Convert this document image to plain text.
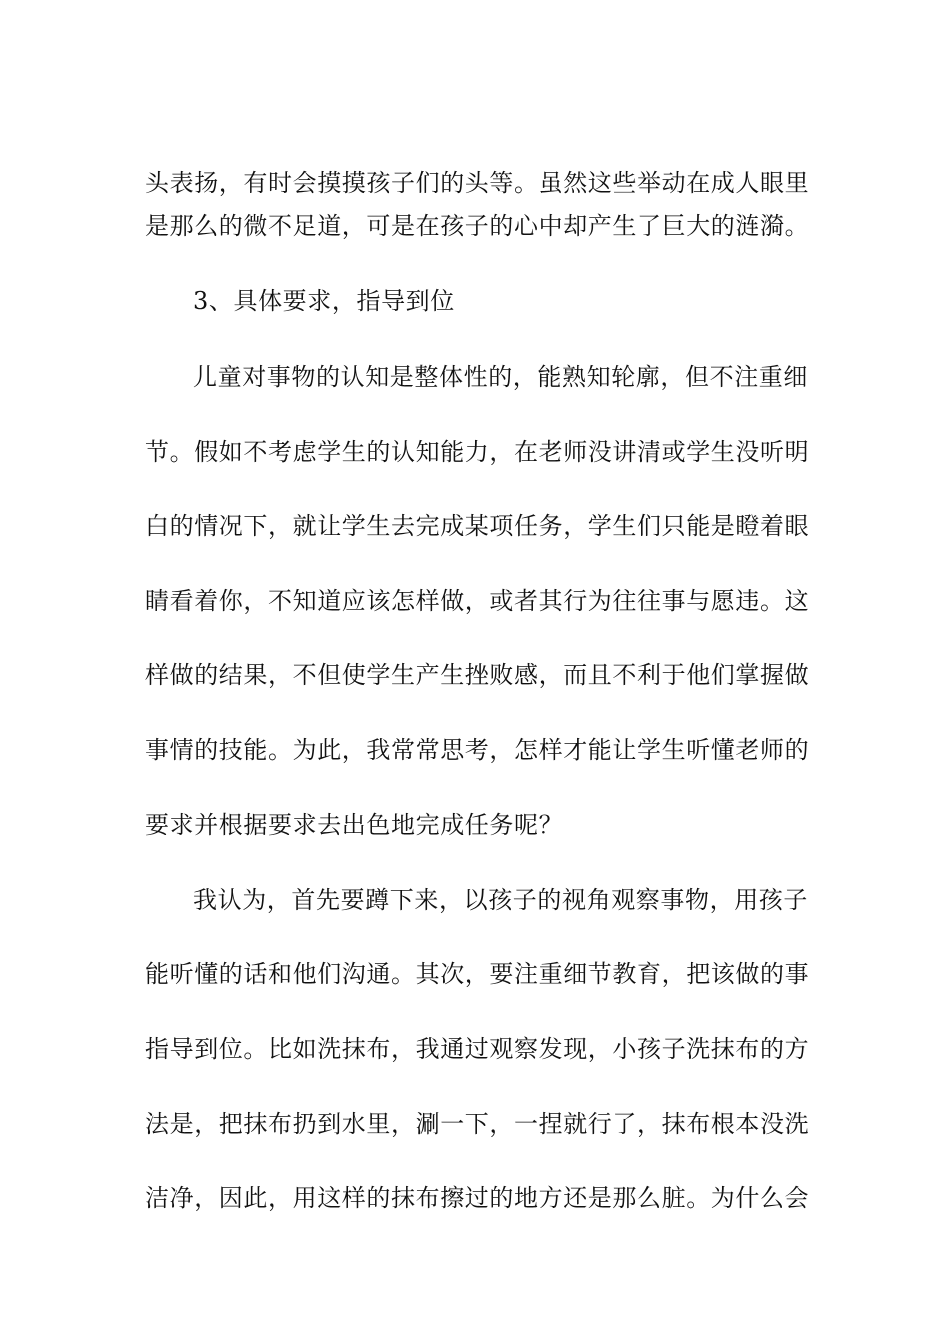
头表扬，有时会摸摸孩子们的头等。虽然这些举动在成人眼里
是那么的微不足道，可是在孩子的心中却产生了巨大的涟漪。
3、具体要求，指导到位
儿童对事物的认知是整体性的，能熟知轮廓，但不注重细
节。假如不考虑学生的认知能力，在老师没讲清或学生没听明
白的情况下，就让学生去完成某项任务，学生们只能是瞪着眼
睛看着你，不知道应该怎样做，或者其行为往往事与愿违。这
样做的结果，不但使学生产生挫败感，而且不利于他们掌握做
事情的技能。为此，我常常思考，怎样才能让学生听懂老师的
要求并根据要求去出色地完成任务呢？
我认为，首先要蹲下来，以孩子的视角观察事物，用孩子
能听懂的话和他们沟通。其次，要注重细节教育，把该做的事
指导到位。比如洗抹布，我通过观察发现，小孩子洗抹布的方
法是，把抹布扔到水里，涮一下，一捏就行了，抹布根本没洗
洁净，因此，用这样的抹布擦过的地方还是那么脏。为什么会
